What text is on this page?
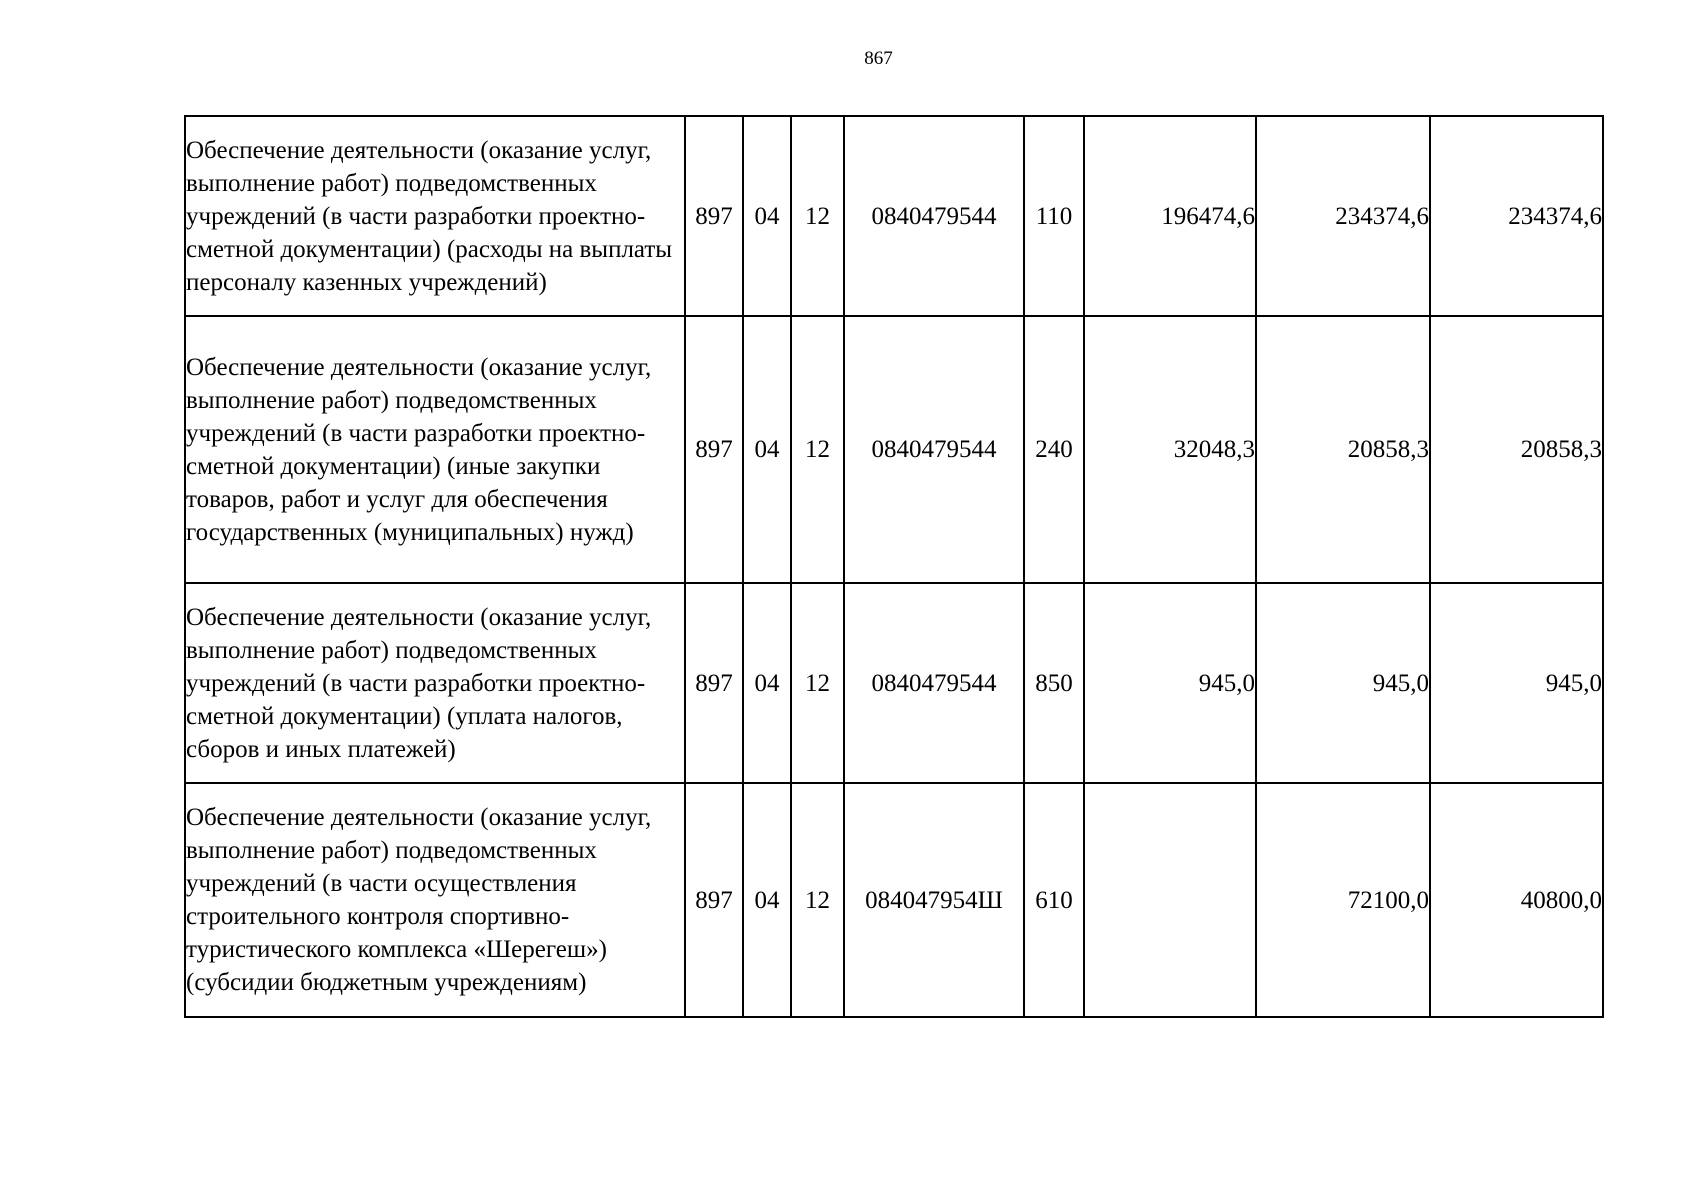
867
Обеспечение деятельности (оказание услуг, выполнение работ) подведомственных учреждений (в части разработки проектно-сметной документации) (расходы на выплаты персоналу казенных учреждений)	897	04	12	0840479544	110	196474,6	234374,6	234374,6
Обеспечение деятельности (оказание услуг, выполнение работ) подведомственных учреждений (в части разработки проектно-сметной документации) (иные закупки товаров, работ и услуг для обеспечения государственных (муниципальных) нужд)	897	04	12	0840479544	240	32048,3	20858,3	20858,3
Обеспечение деятельности (оказание услуг, выполнение работ) подведомственных учреждений (в части разработки проектно-сметной документации) (уплата налогов, сборов и иных платежей)	897	04	12	0840479544	850	945,0	945,0	945,0
Обеспечение деятельности (оказание услуг, выполнение работ) подведомственных учреждений (в части осуществления строительного контроля спортивно-туристического комплекса «Шерегеш») (субсидии бюджетным учреждениям)	897	04	12	084047954Ш	610		72100,0	40800,0
